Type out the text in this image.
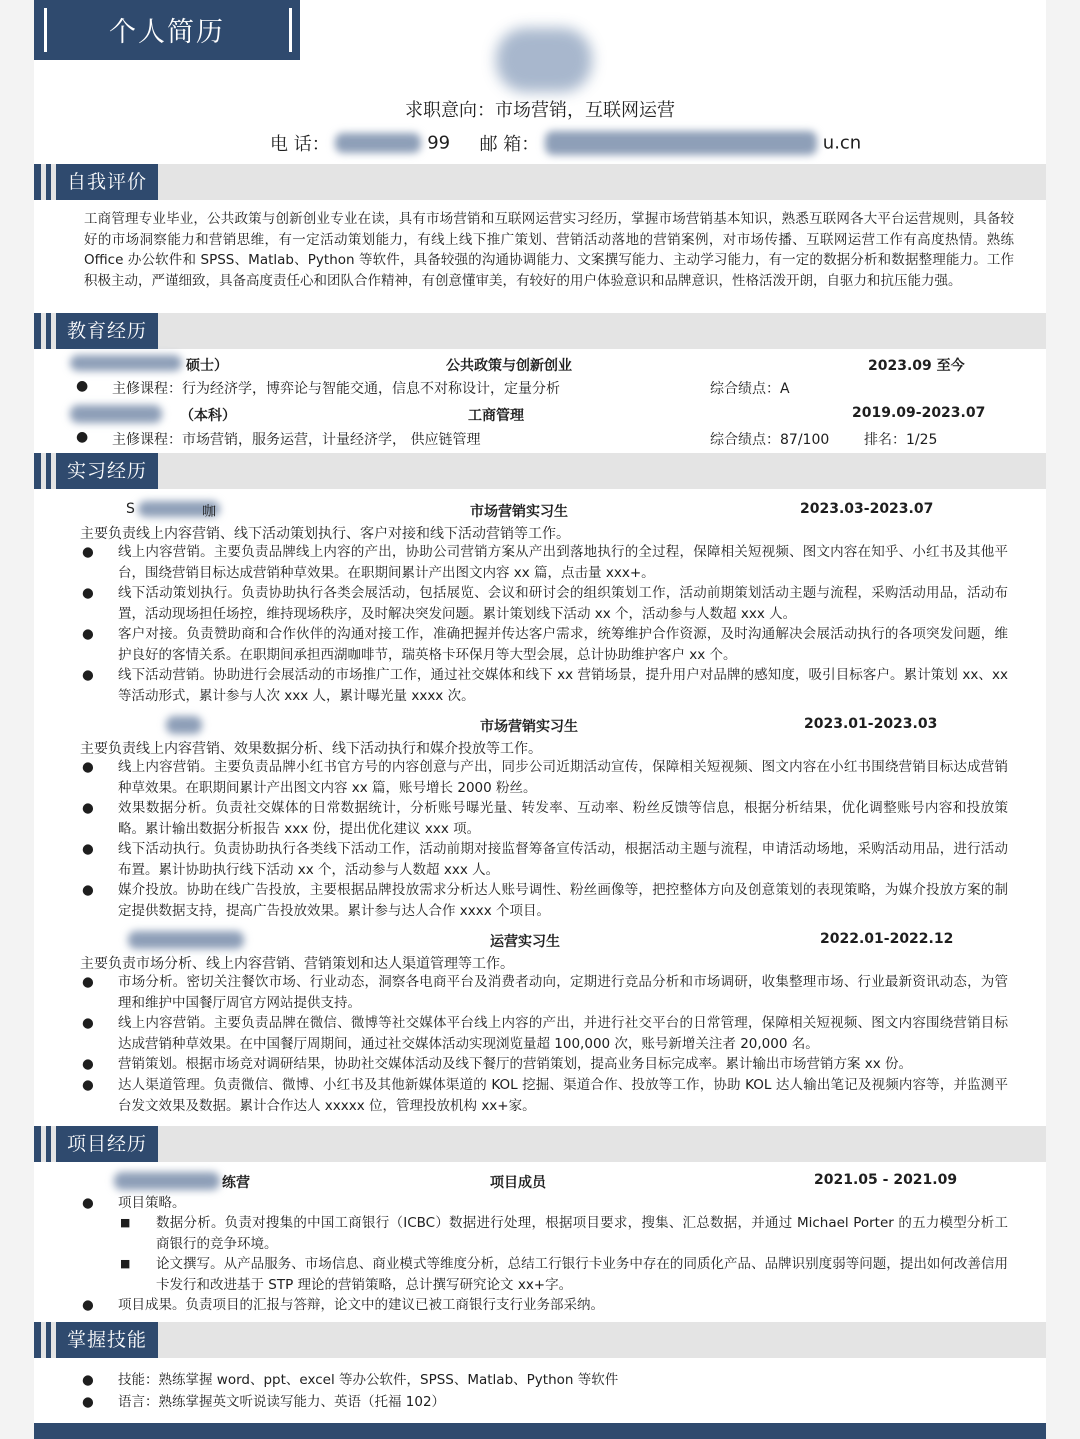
个人简历
求职意向：市场营销，互联网运营
电 话：	99 邮 箱：	u.cn
自我评价
工商管理专业毕业，公共政策与创新创业专业在读，具有市场营销和互联网运营实习经历，掌握市场营销基本知识，熟悉互联网各大平台运营规则，具备较好的市场洞察能力和营销思维，有一定活动策划能力，有线上线下推广策划、营销活动落地的营销案例，对市场传播、互联网运营工作有高度热情。熟练 Office 办公软件和 SPSS、Matlab、Python 等软件，具备较强的沟通协调能力、文案撰写能力、主动学习能力，有一定的数据分析和数据整理能力。工作积极主动，严谨细致，具备高度责任心和团队合作精神，有创意懂审美，有较好的用户体验意识和品牌意识，性格活泼开朗，自驱力和抗压能力强。
教育经历
硕士）	公共政策与创新创业	2023.09 至今
● 主修课程：行为经济学，博弈论与智能交通，信息不对称设计，定量分析	综合绩点：A
（本科）	工商管理	2019.09-2023.07
● 主修课程：市场营销，服务运营，计量经济学， 供应链管理	综合绩点：87/100 排名：1/25
实习经历
S	咖	市场营销实习生	2023.03-2023.07
主要负责线上内容营销、线下活动策划执行、客户对接和线下活动营销等工作。
● 线上内容营销。主要负责品牌线上内容的产出，协助公司营销方案从产出到落地执行的全过程，保障相关短视频、图文内容在知乎、小红书及其他平台，围绕营销目标达成营销种草效果。在职期间累计产出图文内容 xx 篇，点击量 xxx+。
● 线下活动策划执行。负责协助执行各类会展活动，包括展览、会议和研讨会的组织策划工作，活动前期策划活动主题与流程，采购活动用品，活动布置，活动现场担任场控，维持现场秩序，及时解决突发问题。累计策划线下活动 xx 个，活动参与人数超 xxx 人。
● 客户对接。负责赞助商和合作伙伴的沟通对接工作，准确把握并传达客户需求，统筹维护合作资源，及时沟通解决会展活动执行的各项突发问题，维护良好的客情关系。在职期间承担西湖咖啡节，瑞英格卡环保月等大型会展，总计协助维护客户 xx 个。
● 线下活动营销。协助进行会展活动的市场推广工作，通过社交媒体和线下 xx 营销场景，提升用户对品牌的感知度，吸引目标客户。累计策划 xx、xx 等活动形式，累计参与人次 xxx 人，累计曝光量 xxxx 次。
市场营销实习生	2023.01-2023.03
主要负责线上内容营销、效果数据分析、线下活动执行和媒介投放等工作。
● 线上内容营销。主要负责品牌小红书官方号的内容创意与产出，同步公司近期活动宣传，保障相关短视频、图文内容在小红书围绕营销目标达成营销种草效果。在职期间累计产出图文内容 xx 篇，账号增长 2000 粉丝。
● 效果数据分析。负责社交媒体的日常数据统计，分析账号曝光量、转发率、互动率、粉丝反馈等信息，根据分析结果，优化调整账号内容和投放策略。累计输出数据分析报告 xxx 份，提出优化建议 xxx 项。
● 线下活动执行。负责协助执行各类线下活动工作，活动前期对接监督筹备宣传活动，根据活动主题与流程，申请活动场地，采购活动用品，进行活动布置。累计协助执行线下活动 xx 个，活动参与人数超 xxx 人。
● 媒介投放。协助在线广告投放，主要根据品牌投放需求分析达人账号调性、粉丝画像等，把控整体方向及创意策划的表现策略，为媒介投放方案的制定提供数据支持，提高广告投放效果。累计参与达人合作 xxxx 个项目。
运营实习生	2022.01-2022.12
主要负责市场分析、线上内容营销、营销策划和达人渠道管理等工作。
● 市场分析。密切关注餐饮市场、行业动态，洞察各电商平台及消费者动向，定期进行竞品分析和市场调研，收集整理市场、行业最新资讯动态，为管理和维护中国餐厅周官方网站提供支持。
● 线上内容营销。主要负责品牌在微信、微博等社交媒体平台线上内容的产出，并进行社交平台的日常管理，保障相关短视频、图文内容围绕营销目标达成营销种草效果。在中国餐厅周期间，通过社交媒体活动实现浏览量超 100,000 次，账号新增关注者 20,000 名。
● 营销策划。根据市场竞对调研结果，协助社交媒体活动及线下餐厅的营销策划，提高业务目标完成率。累计输出市场营销方案 xx 份。
● 达人渠道管理。负责微信、微博、小红书及其他新媒体渠道的 KOL 挖掘、渠道合作、投放等工作，协助 KOL 达人输出笔记及视频内容等，并监测平台发文效果及数据。累计合作达人 xxxxx 位，管理投放机构 xx+家。
项目经历
练营	项目成员	2021.05 - 2021.09
● 项目策略。
■ 数据分析。负责对搜集的中国工商银行（ICBC）数据进行处理，根据项目要求，搜集、汇总数据，并通过 Michael Porter 的五力模型分析工商银行的竞争环境。
■ 论文撰写。从产品服务、市场信息、商业模式等维度分析，总结工行银行卡业务中存在的同质化产品、品牌识别度弱等问题，提出如何改善信用卡发行和改进基于 STP 理论的营销策略，总计撰写研究论文 xx+字。
● 项目成果。负责项目的汇报与答辩，论文中的建议已被工商银行支行业务部采纳。
掌握技能
● 技能：熟练掌握 word、ppt、excel 等办公软件，SPSS、Matlab、Python 等软件
● 语言：熟练掌握英文听说读写能力、英语（托福 102）
